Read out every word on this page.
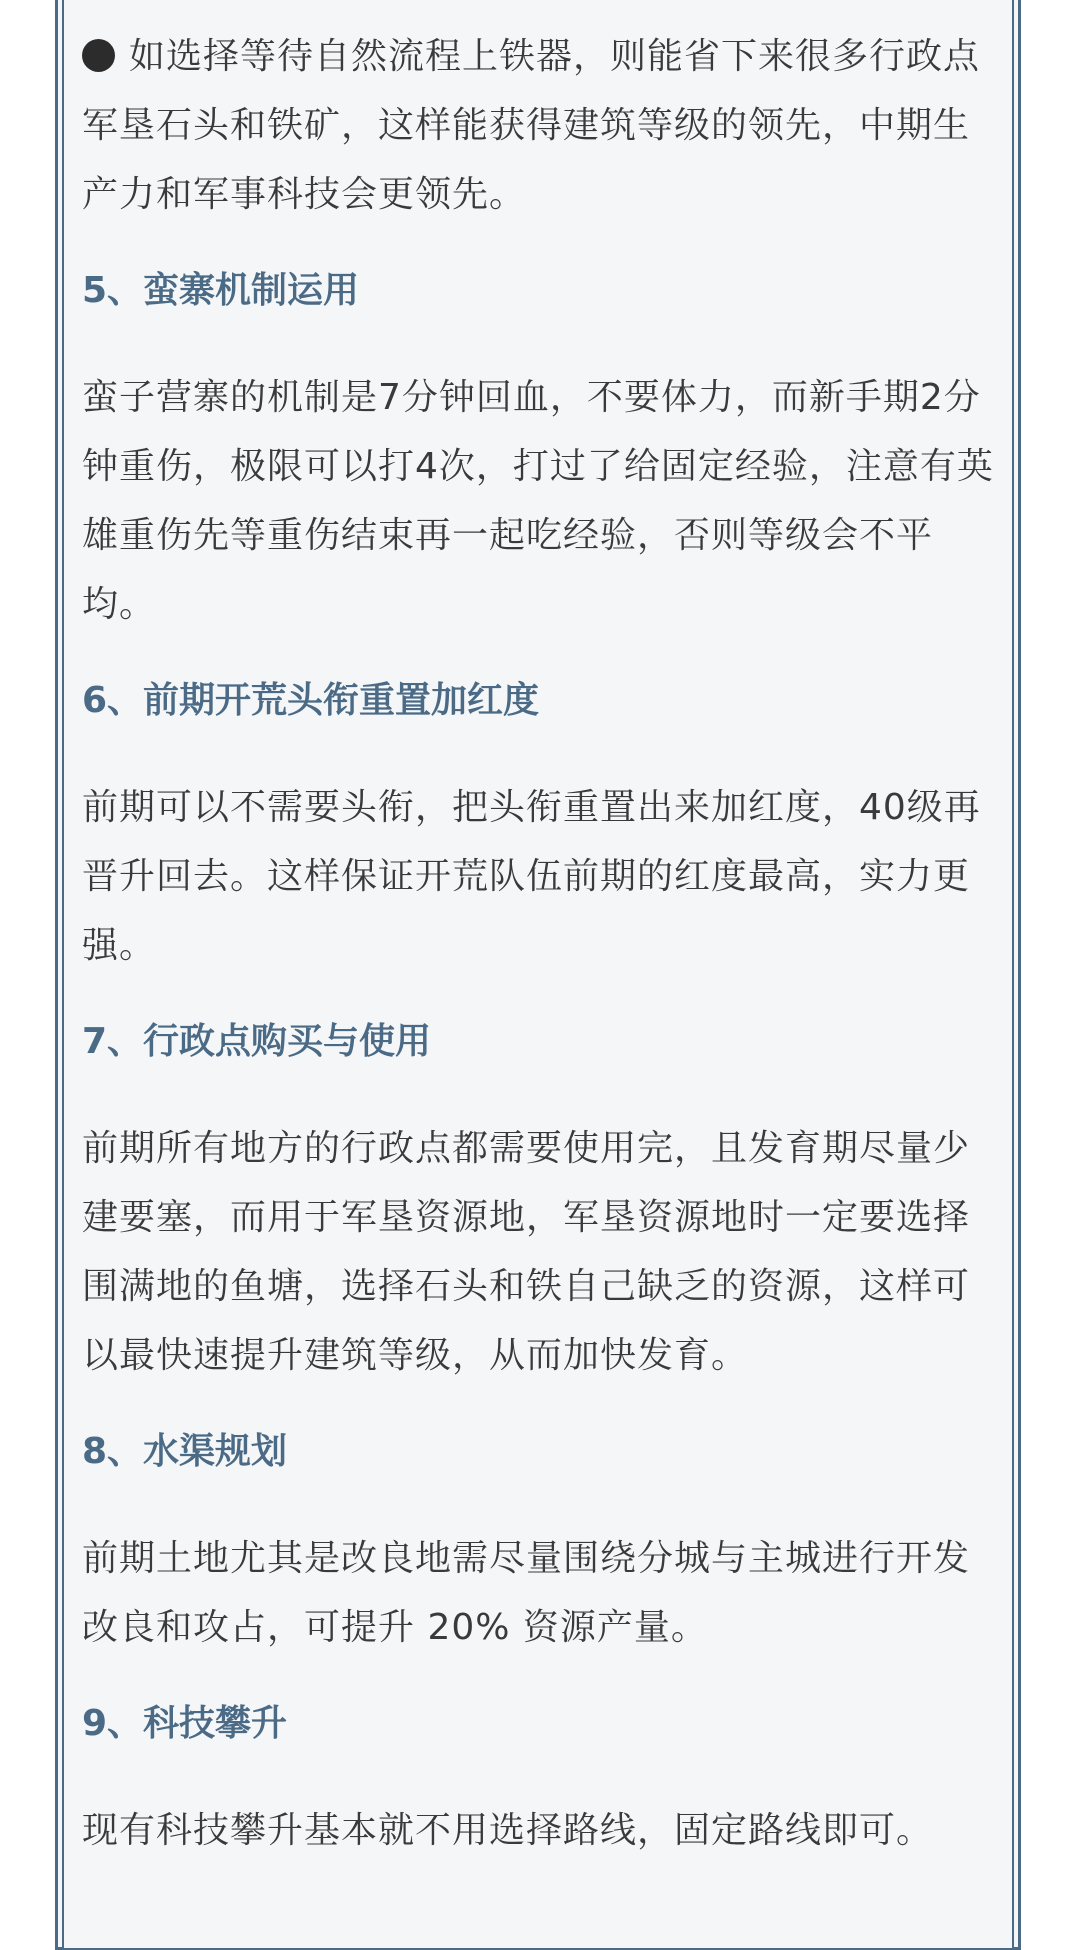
如选择等待自然流程上铁器，则能省下来很多行政点军垦石头和铁矿，这样能获得建筑等级的领先，中期生产力和军事科技会更领先。

5、蛮寨机制运用

蛮子营寨的机制是7分钟回血，不要体力，而新手期2分钟重伤，极限可以打4次，打过了给固定经验，注意有英雄重伤先等重伤结束再一起吃经验，否则等级会不平均。

6、前期开荒头衔重置加红度

前期可以不需要头衔，把头衔重置出来加红度，40级再晋升回去。这样保证开荒队伍前期的红度最高，实力更强。

7、行政点购买与使用

前期所有地方的行政点都需要使用完，且发育期尽量少建要塞，而用于军垦资源地，军垦资源地时一定要选择围满地的鱼塘，选择石头和铁自己缺乏的资源，这样可以最快速提升建筑等级，从而加快发育。

8、水渠规划

前期土地尤其是改良地需尽量围绕分城与主城进行开发改良和攻占，可提升 20% 资源产量。

9、科技攀升

现有科技攀升基本就不用选择路线，固定路线即可。
